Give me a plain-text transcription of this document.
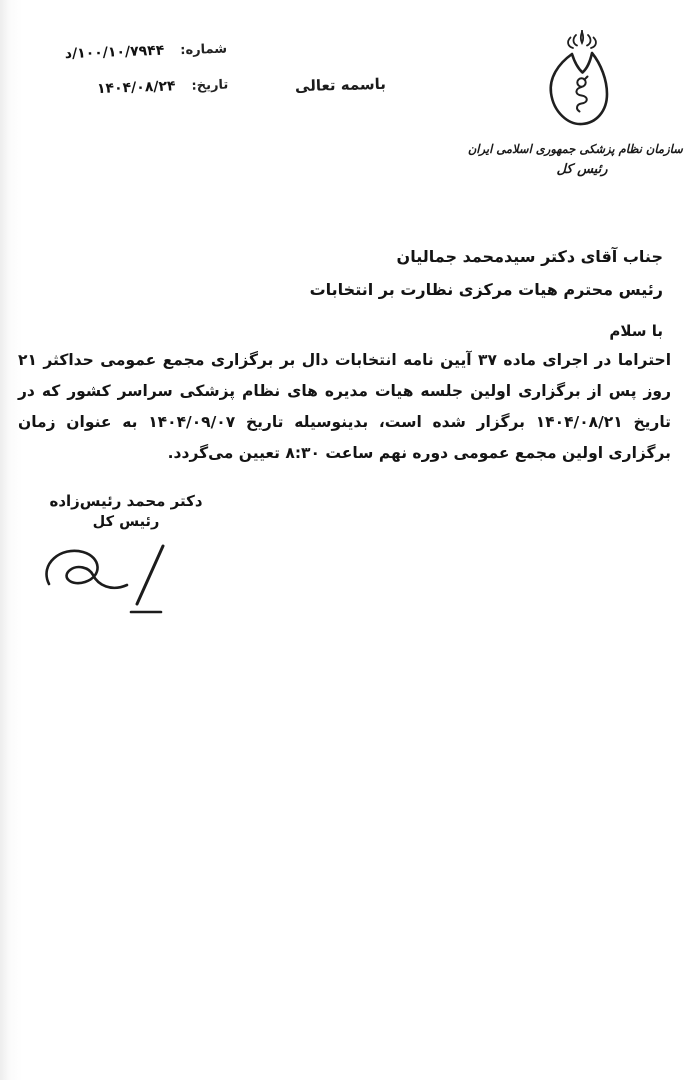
شماره:
د/۱۰۰/۱۰/۷۹۴۴
تاریخ:
۱۴۰۴/۰۸/۲۴	باسمه تعالی
سازمان نظام پزشکی جمهوری اسلامی ایران
رئیس کل
جناب آقای دکتر سیدمحمد جمالیان
رئیس محترم هیات مرکزی نظارت بر انتخابات
با سلام

احتراما در اجرای ماده ۳۷ آیین نامه انتخابات دال بر برگزاری مجمع عمومی حداکثر ۲۱ روز پس از برگزاری اولین جلسه هیات مدیره های نظام پزشکی سراسر کشور که در تاریخ ۱۴۰۴/۰۸/۲۱ برگزار شده است، بدینوسیله تاریخ ۱۴۰۴/۰۹/۰۷ به عنوان زمان برگزاری اولین مجمع عمومی دوره نهم ساعت ۸:۳۰ تعیین می‌گردد.

دکتر محمد رئیس‌زاده
رئیس کل
